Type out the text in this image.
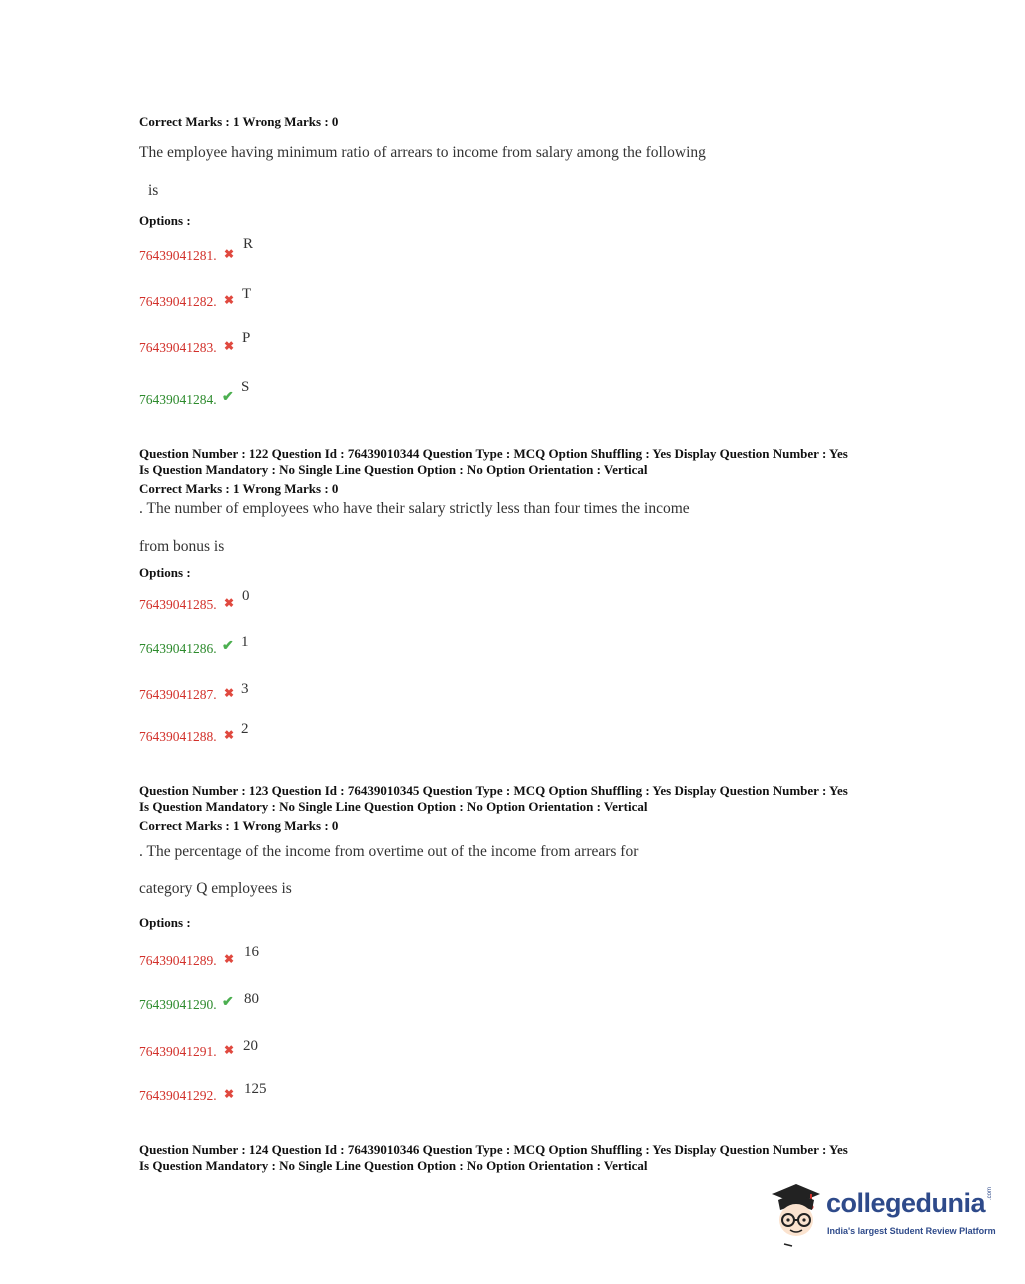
Correct Marks : 1 Wrong Marks : 0
The employee having minimum ratio of arrears to income from salary among the following
is
Options :
76439041281. ✖
R
76439041282. ✖ T
76439041283. ✖ P
76439041284. ✔
S
Question Number : 122 Question Id : 76439010344 Question Type : MCQ Option Shuffling : Yes Display Question Number : Yes
Is Question Mandatory : No Single Line Question Option : No Option Orientation : Vertical
Correct Marks : 1 Wrong Marks : 0
. The number of employees who have their salary strictly less than four times the income
from bonus is
Options :
76439041285. ✖ 0
76439041286. ✔ 1
76439041287. ✖ 3
76439041288. ✖ 2
Question Number : 123 Question Id : 76439010345 Question Type : MCQ Option Shuffling : Yes Display Question Number : Yes
Is Question Mandatory : No Single Line Question Option : No Option Orientation : Vertical
Correct Marks : 1 Wrong Marks : 0
. The percentage of the income from overtime out of the income from arrears for
category Q employees is
Options :
76439041289. ✖ 16
76439041290. ✔ 80
76439041291. ✖ 20
76439041292. ✖ 125
Question Number : 124 Question Id : 76439010346 Question Type : MCQ Option Shuffling : Yes Display Question Number : Yes
Is Question Mandatory : No Single Line Question Option : No Option Orientation : Vertical
collegedunia .com
India's largest Student Review Platform
